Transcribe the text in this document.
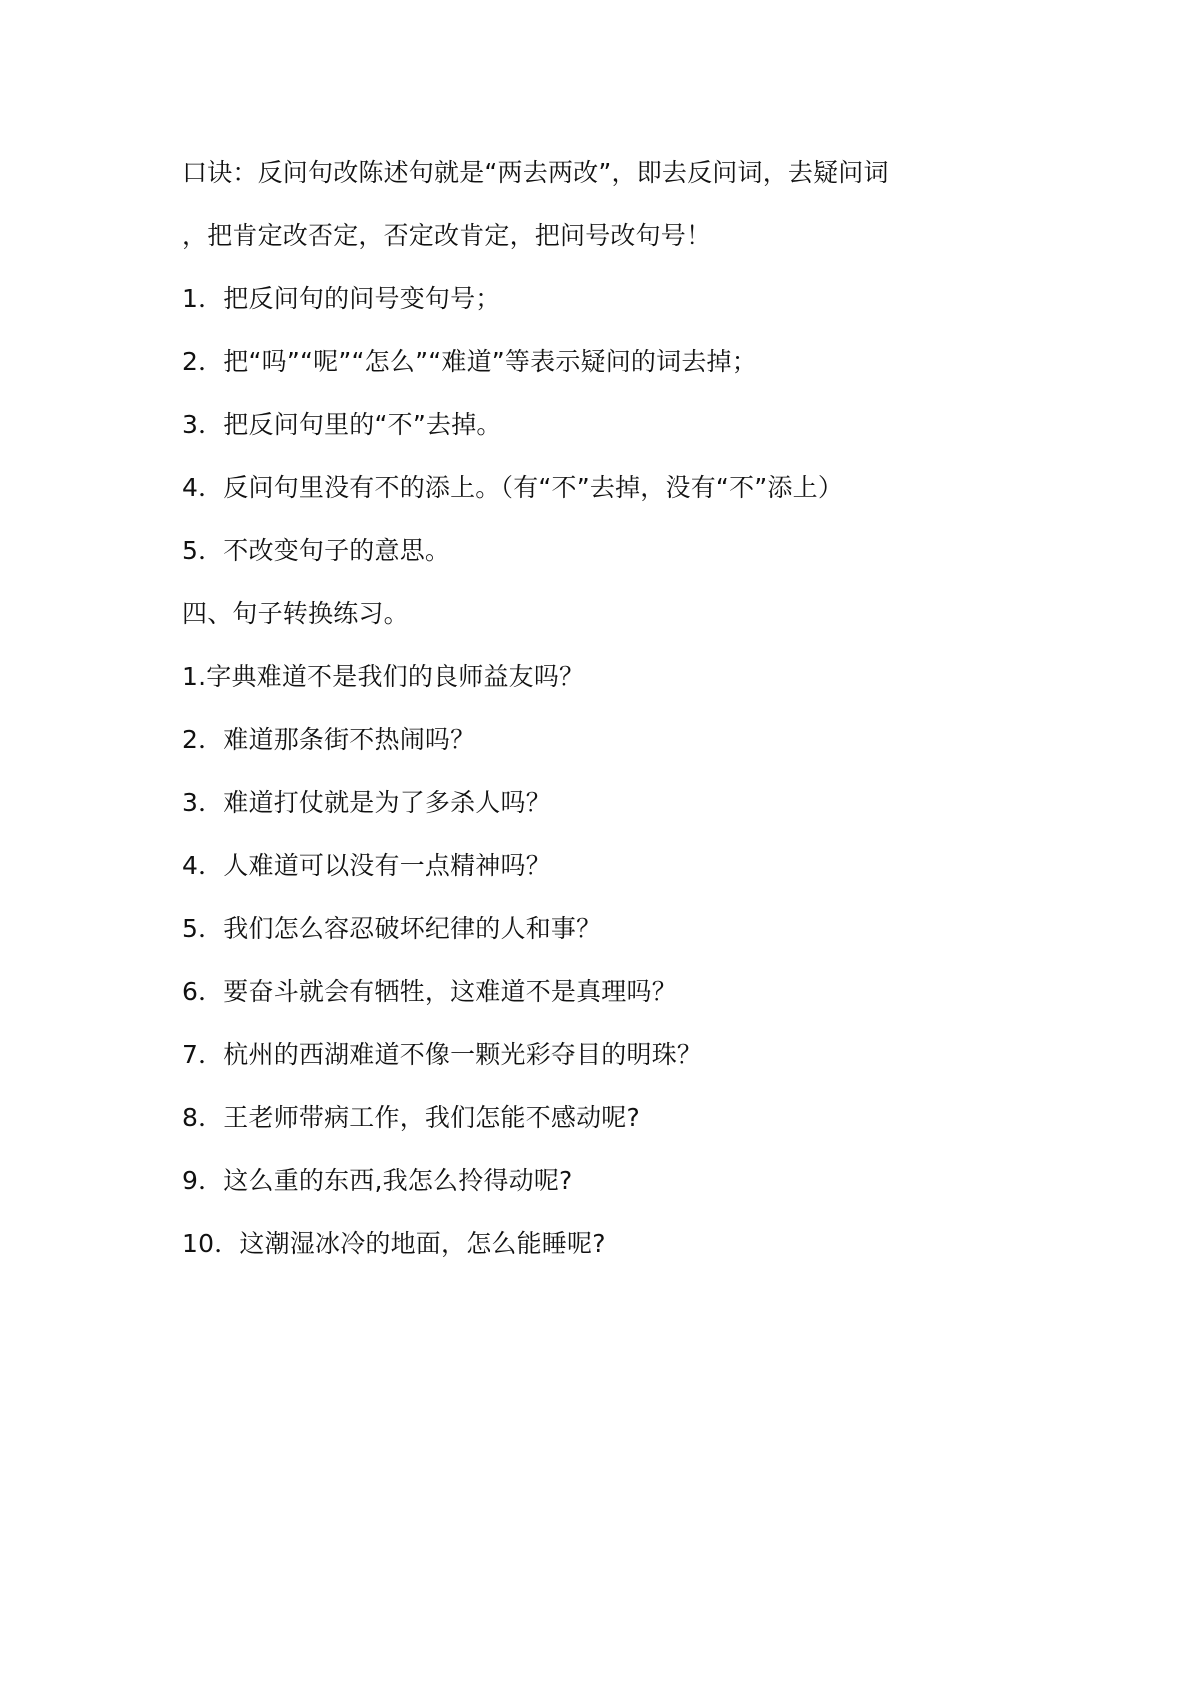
口诀：反问句改陈述句就是“两去两改”，即去反问词，去疑问词
，把肯定改否定，否定改肯定，把问号改句号！
1．把反问句的问号变句号；
2．把“吗”“呢”“怎么”“难道”等表示疑问的词去掉；
3．把反问句里的“不”去掉。
4．反问句里没有不的添上。（有“不”去掉，没有“不”添上）
5．不改变句子的意思。
四、句子转换练习。
1.字典难道不是我们的良师益友吗？
2．难道那条街不热闹吗？
3．难道打仗就是为了多杀人吗？
4．人难道可以没有一点精神吗？
5．我们怎么容忍破坏纪律的人和事？
6．要奋斗就会有牺牲，这难道不是真理吗？
7．杭州的西湖难道不像一颗光彩夺目的明珠？
8．王老师带病工作，我们怎能不感动呢?
9．这么重的东西,我怎么拎得动呢?
10．这潮湿冰冷的地面，怎么能睡呢?
